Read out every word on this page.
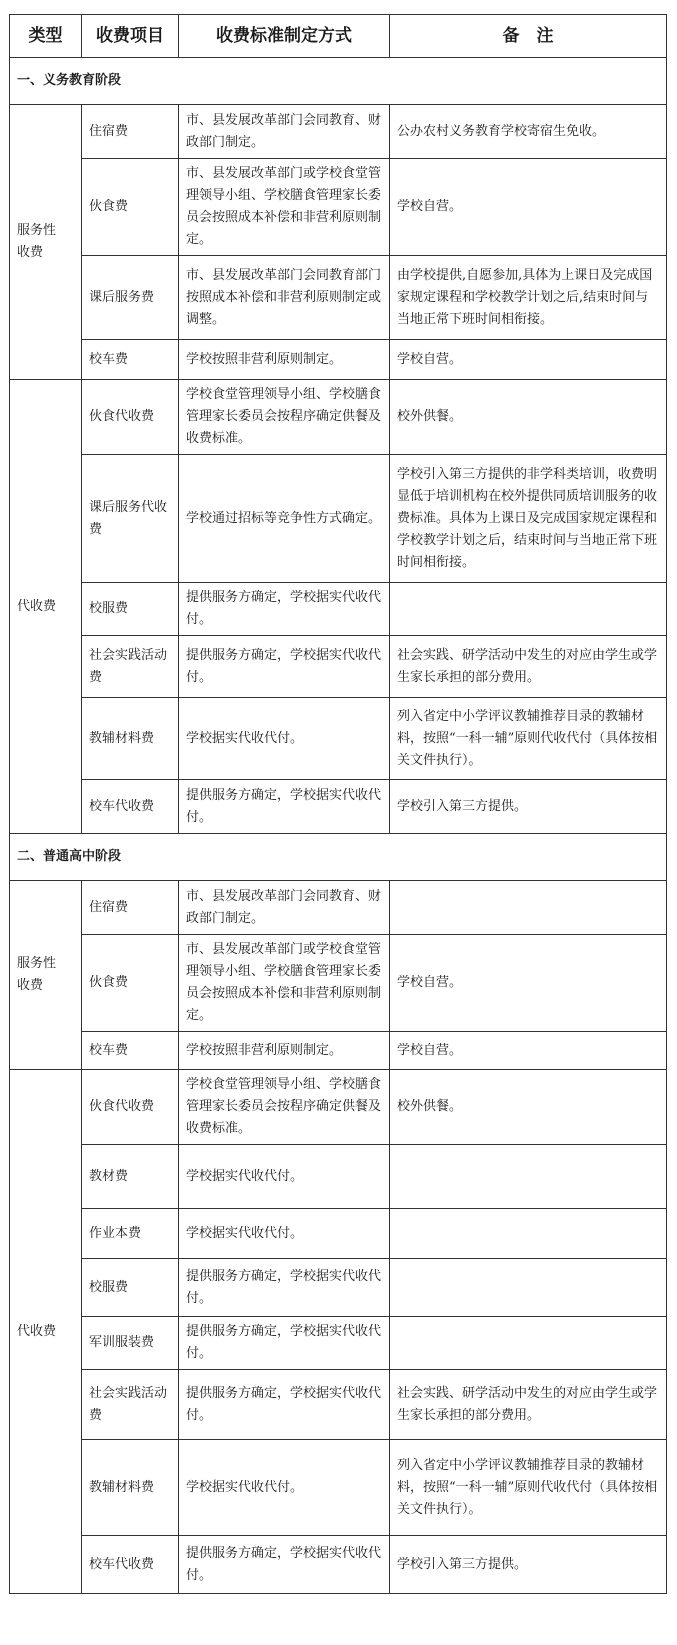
类型	收费项目	收费标准制定方式	备　注
一、义务教育阶段			
服务性
收费	住宿费	市、县发展改革部门会同教育、财政部门制定。	公办农村义务教育学校寄宿生免收。
	伙食费	市、县发展改革部门或学校食堂管理领导小组、学校膳食管理家长委员会按照成本补偿和非营利原则制定。	学校自营。
	课后服务费	市、县发展改革部门会同教育部门按照成本补偿和非营利原则制定或调整。	由学校提供,自愿参加,具体为上课日及完成国家规定课程和学校教学计划之后,结束时间与当地正常下班时间相衔接。
	校车费	学校按照非营利原则制定。	学校自营。
代收费	伙食代收费	学校食堂管理领导小组、学校膳食管理家长委员会按程序确定供餐及收费标准。	校外供餐。
	课后服务代收费	学校通过招标等竞争性方式确定。	学校引入第三方提供的非学科类培训，收费明显低于培训机构在校外提供同质培训服务的收费标准。具体为上课日及完成国家规定课程和学校教学计划之后，结束时间与当地正常下班时间相衔接。
	校服费	提供服务方确定，学校据实代收代付。	
	社会实践活动费	提供服务方确定，学校据实代收代付。	社会实践、研学活动中发生的对应由学生或学生家长承担的部分费用。
	教辅材料费	学校据实代收代付。	列入省定中小学评议教辅推荐目录的教辅材料，按照“一科一辅”原则代收代付（具体按相关文件执行）。
	校车代收费	提供服务方确定，学校据实代收代付。	学校引入第三方提供。
二、普通高中阶段			
服务性
收费	住宿费	市、县发展改革部门会同教育、财政部门制定。	
	伙食费	市、县发展改革部门或学校食堂管理领导小组、学校膳食管理家长委员会按照成本补偿和非营利原则制定。	学校自营。
	校车费	学校按照非营利原则制定。	学校自营。
代收费	伙食代收费	学校食堂管理领导小组、学校膳食管理家长委员会按程序确定供餐及收费标准。	校外供餐。
	教材费	学校据实代收代付。	
	作业本费	学校据实代收代付。	
	校服费	提供服务方确定，学校据实代收代付。	
	军训服装费	提供服务方确定，学校据实代收代付。	
	社会实践活动费	提供服务方确定，学校据实代收代付。	社会实践、研学活动中发生的对应由学生或学生家长承担的部分费用。
	教辅材料费	学校据实代收代付。	列入省定中小学评议教辅推荐目录的教辅材料，按照“一科一辅”原则代收代付（具体按相关文件执行）。
	校车代收费	提供服务方确定，学校据实代收代付。	学校引入第三方提供。
